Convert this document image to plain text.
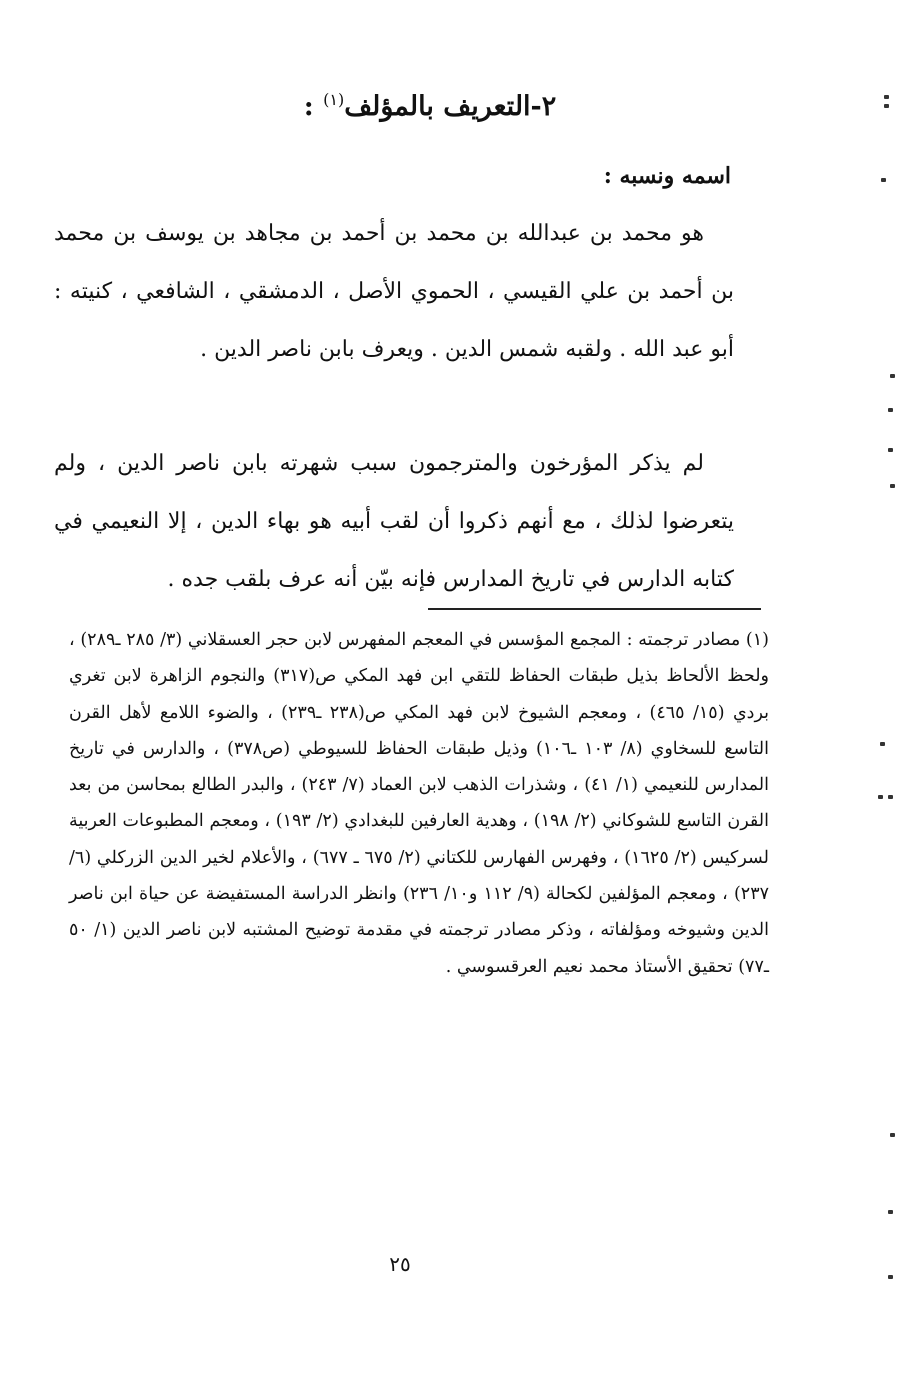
٢-التعريف بالمؤلف$^{(١)}$ :
اسمه ونسبه :

هو محمد بن عبدالله بن محمد بن أحمد بن مجاهد بن يوسف بن محمد بن أحمد بن علي القيسي ، الحموي الأصل ، الدمشقي ، الشافعي ، كنيته : أبو عبد الله . ولقبه شمس الدين . ويعرف بابن ناصر الدين .

لم يذكر المؤرخون والمترجمون سبب شهرته بابن ناصر الدين ، ولم يتعرضوا لذلك ، مع أنهم ذكروا أن لقب أبيه هو بهاء الدين ، إلا النعيمي في كتابه الدارس في تاريخ المدارس فإنه بيّن أنه عرف بلقب جده .

(١) مصادر ترجمته : المجمع المؤسس في المعجم المفهرس لابن حجر العسقلاني (٣/ ٢٨٥ ـ٢٨٩) ، ولحظ الألحاظ بذيل طبقات الحفاظ للتقي ابن فهد المكي ص(٣١٧) والنجوم الزاهرة لابن تغري بردي (١٥/ ٤٦٥) ، ومعجم الشيوخ لابن فهد المكي ص(٢٣٨ ـ٢٣٩) ، والضوء اللامع لأهل القرن التاسع للسخاوي (٨/ ١٠٣ ـ١٠٦) وذيل طبقات الحفاظ للسيوطي (ص٣٧٨) ، والدارس في تاريخ المدارس للنعيمي (١/ ٤١) ، وشذرات الذهب لابن العماد (٧/ ٢٤٣) ، والبدر الطالع بمحاسن من بعد القرن التاسع للشوكاني (٢/ ١٩٨) ، وهدية العارفين للبغدادي (٢/ ١٩٣) ، ومعجم المطبوعات العربية لسركيس (٢/ ١٦٢٥) ، وفهرس الفهارس للكتاني (٢/ ٦٧٥ ـ ٦٧٧) ، والأعلام لخير الدين الزركلي (٦/ ٢٣٧) ، ومعجم المؤلفين لكحالة (٩/ ١١٢ و١٠/ ٢٣٦) وانظر الدراسة المستفيضة عن حياة ابن ناصر الدين وشيوخه ومؤلفاته ، وذكر مصادر ترجمته في مقدمة توضيح المشتبه لابن ناصر الدين (١/ ٥٠ ـ٧٧) تحقيق الأستاذ محمد نعيم العرقسوسي .

٢٥
